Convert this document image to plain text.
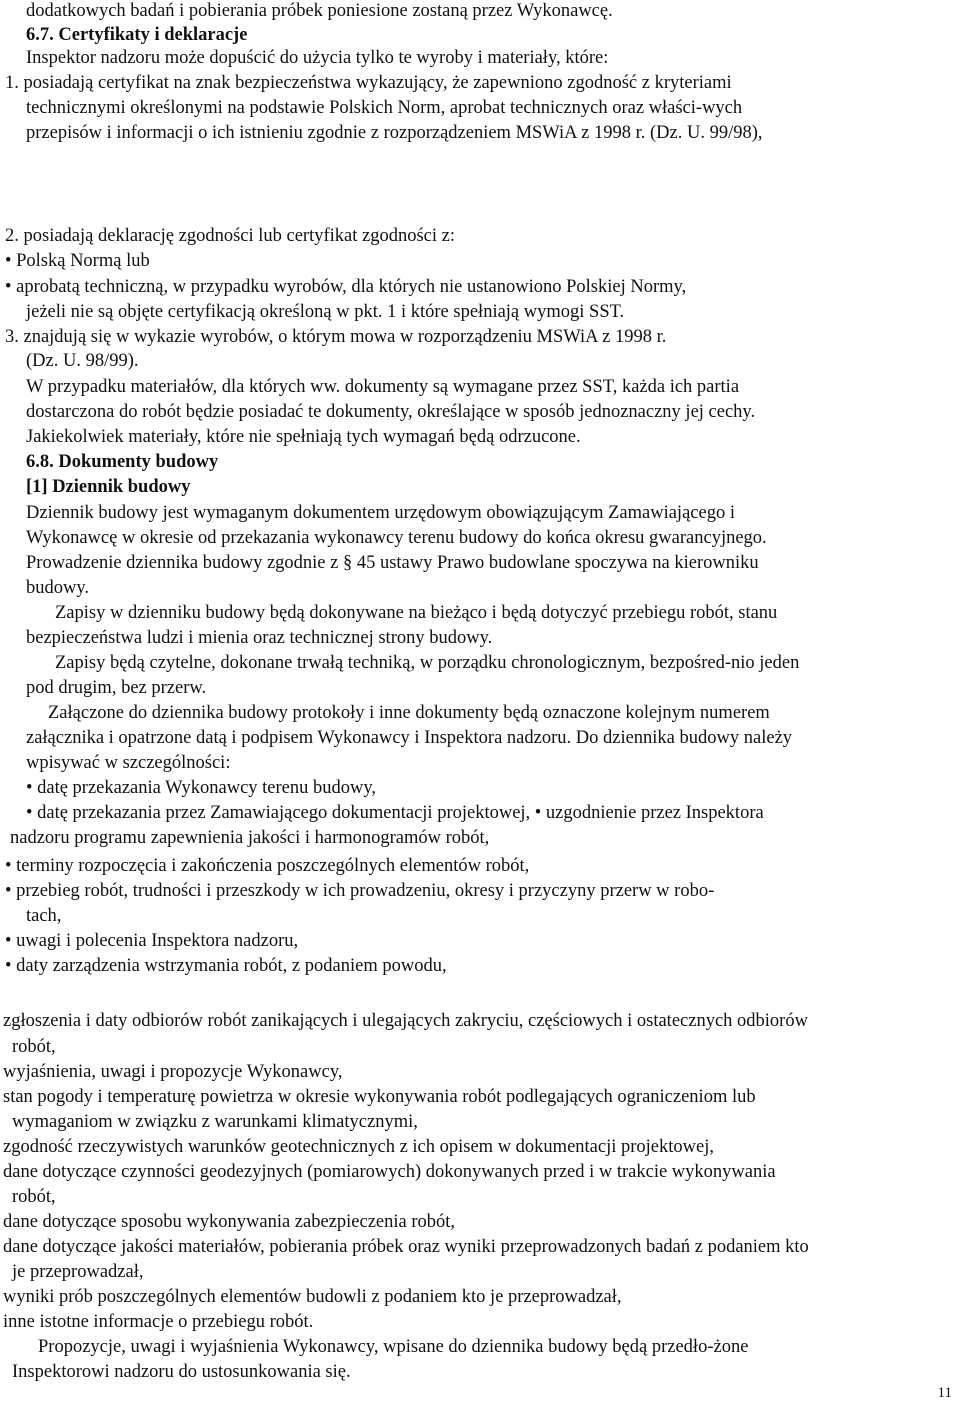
dodatkowych badań i pobierania próbek poniesione zostaną przez Wykonawcę.
6.7. Certyfikaty i deklaracje
Inspektor nadzoru może dopuścić do użycia tylko te wyroby i materiały, które:
1. posiadają certyfikat na znak bezpieczeństwa wykazujący, że zapewniono zgodność z kryteriami
technicznymi określonymi na podstawie Polskich Norm, aprobat technicznych oraz właści-wych
przepisów i informacji o ich istnieniu zgodnie z rozporządzeniem MSWiA z 1998 r. (Dz. U. 99/98),
2. posiadają deklarację zgodności lub certyfikat zgodności z:
• Polską Normą lub
• aprobatą techniczną, w przypadku wyrobów, dla których nie ustanowiono Polskiej Normy,
jeżeli nie są objęte certyfikacją określoną w pkt. 1 i które spełniają wymogi SST.
3. znajdują się w wykazie wyrobów, o którym mowa w rozporządzeniu MSWiA z 1998 r.
(Dz. U. 98/99).
W przypadku materiałów, dla których ww. dokumenty są wymagane przez SST, każda ich partia
dostarczona do robót będzie posiadać te dokumenty, określające w sposób jednoznaczny jej cechy.
Jakiekolwiek materiały, które nie spełniają tych wymagań będą odrzucone.
6.8. Dokumenty budowy
[1] Dziennik budowy
Dziennik budowy jest wymaganym dokumentem urzędowym obowiązującym Zamawiającego i
Wykonawcę w okresie od przekazania wykonawcy terenu budowy do końca okresu gwarancyjnego.
Prowadzenie dziennika budowy zgodnie z § 45 ustawy Prawo budowlane spoczywa na kierowniku
budowy.
Zapisy w dzienniku budowy będą dokonywane na bieżąco i będą dotyczyć przebiegu robót, stanu
bezpieczeństwa ludzi i mienia oraz technicznej strony budowy.
Zapisy będą czytelne, dokonane trwałą techniką, w porządku chronologicznym, bezpośred-nio jeden
pod drugim, bez przerw.
Załączone do dziennika budowy protokoły i inne dokumenty będą oznaczone kolejnym numerem
załącznika i opatrzone datą i podpisem Wykonawcy i Inspektora nadzoru. Do dziennika budowy należy
wpisywać w szczególności:
• datę przekazania Wykonawcy terenu budowy,
• datę przekazania przez Zamawiającego dokumentacji projektowej, • uzgodnienie przez Inspektora
nadzoru programu zapewnienia jakości i harmonogramów robót,
• terminy rozpoczęcia i zakończenia poszczególnych elementów robót,
• przebieg robót, trudności i przeszkody w ich prowadzeniu, okresy i przyczyny przerw w robo-
tach,
• uwagi i polecenia Inspektora nadzoru,
• daty zarządzenia wstrzymania robót, z podaniem powodu,
zgłoszenia i daty odbiorów robót zanikających i ulegających zakryciu, częściowych i ostatecznych odbiorów
robót,
wyjaśnienia, uwagi i propozycje Wykonawcy,
stan pogody i temperaturę powietrza w okresie wykonywania robót podlegających ograniczeniom lub
wymaganiom w związku z warunkami klimatycznymi,
zgodność rzeczywistych warunków geotechnicznych z ich opisem w dokumentacji projektowej,
dane dotyczące czynności geodezyjnych (pomiarowych) dokonywanych przed i w trakcie wykonywania
robót,
dane dotyczące sposobu wykonywania zabezpieczenia robót,
dane dotyczące jakości materiałów, pobierania próbek oraz wyniki przeprowadzonych badań z podaniem kto
je przeprowadzał,
wyniki prób poszczególnych elementów budowli z podaniem kto je przeprowadzał,
inne istotne informacje o przebiegu robót.
Propozycje, uwagi i wyjaśnienia Wykonawcy, wpisane do dziennika budowy będą przedło-żone
Inspektorowi nadzoru do ustosunkowania się.
11
